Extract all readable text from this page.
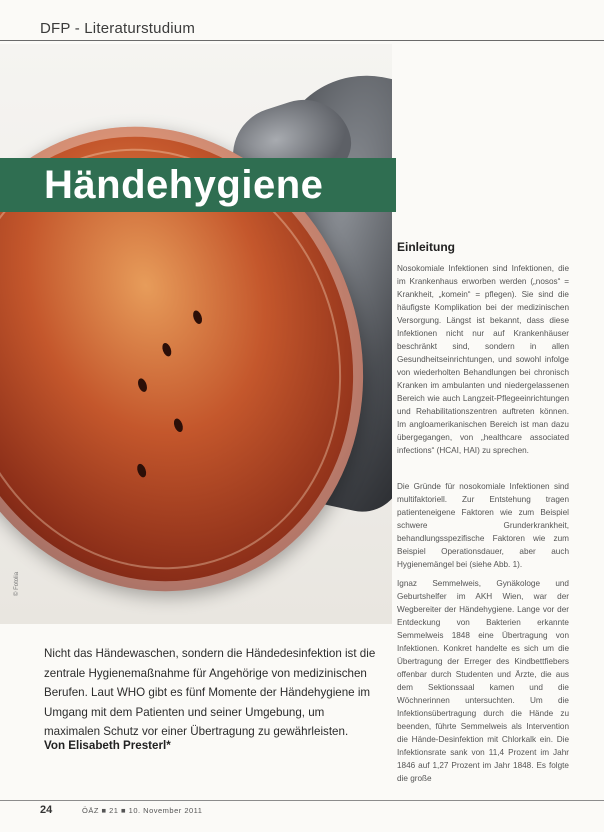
DFP - Literaturstudium
© Fotolia
Händehygiene
Einleitung
Nosokomiale Infektionen sind Infektionen, die im Krankenhaus erworben werden („nosos“ = Krankheit, „komein“ = pflegen). Sie sind die häufigste Komplikation bei der medizinischen Versorgung. Längst ist bekannt, dass diese Infektionen nicht nur auf Krankenhäuser beschränkt sind, sondern in allen Gesundheitseinrichtungen, und sowohl infolge von wiederholten Behandlungen bei chronisch Kranken im ambulanten und niedergelassenen Bereich wie auch Langzeit-Pflegeeinrichtungen und Rehabilitationszentren auftreten können. Im angloamerikanischen Bereich ist man dazu übergegangen, von „healthcare associated infections“ (HCAI, HAI) zu sprechen.
Die Gründe für nosokomiale Infektionen sind multifaktoriell. Zur Entstehung tragen patienteneigene Faktoren wie zum Beispiel schwere Grunderkrankheit, behandlungsspezifische Faktoren wie zum Beispiel Operationsdauer, aber auch Hygienemängel bei (siehe Abb. 1).
Ignaz Semmelweis, Gynäkologe und Geburtshelfer im AKH Wien, war der Wegbereiter der Händehygiene. Lange vor der Entdeckung von Bakterien erkannte Semmelweis 1848 eine Übertragung von Infektionen. Konkret handelte es sich um die Übertragung der Erreger des Kindbettfiebers offenbar durch Studenten und Ärzte, die aus dem Sektionssaal kamen und die Wöchnerinnen untersuchten. Um die Infektionsübertragung durch die Hände zu beenden, führte Semmelweis als Intervention die Hände-Desinfektion mit Chlorkalk ein. Die Infektionsrate sank von 11,4 Prozent im Jahr 1846 auf 1,27 Prozent im Jahr 1848. Es folgte die große
Nicht das Händewaschen, sondern die Händedesinfektion ist die zentrale Hygienemaßnahme für Angehörige von medizinischen Berufen. Laut WHO gibt es fünf Momente der Händehygiene im Umgang mit dem Patienten und seiner Umgebung, um maximalen Schutz vor einer Übertragung zu gewährleisten.
Von Elisabeth Presterl*
24	ÖÄZ ■ 21 ■ 10. November 2011
